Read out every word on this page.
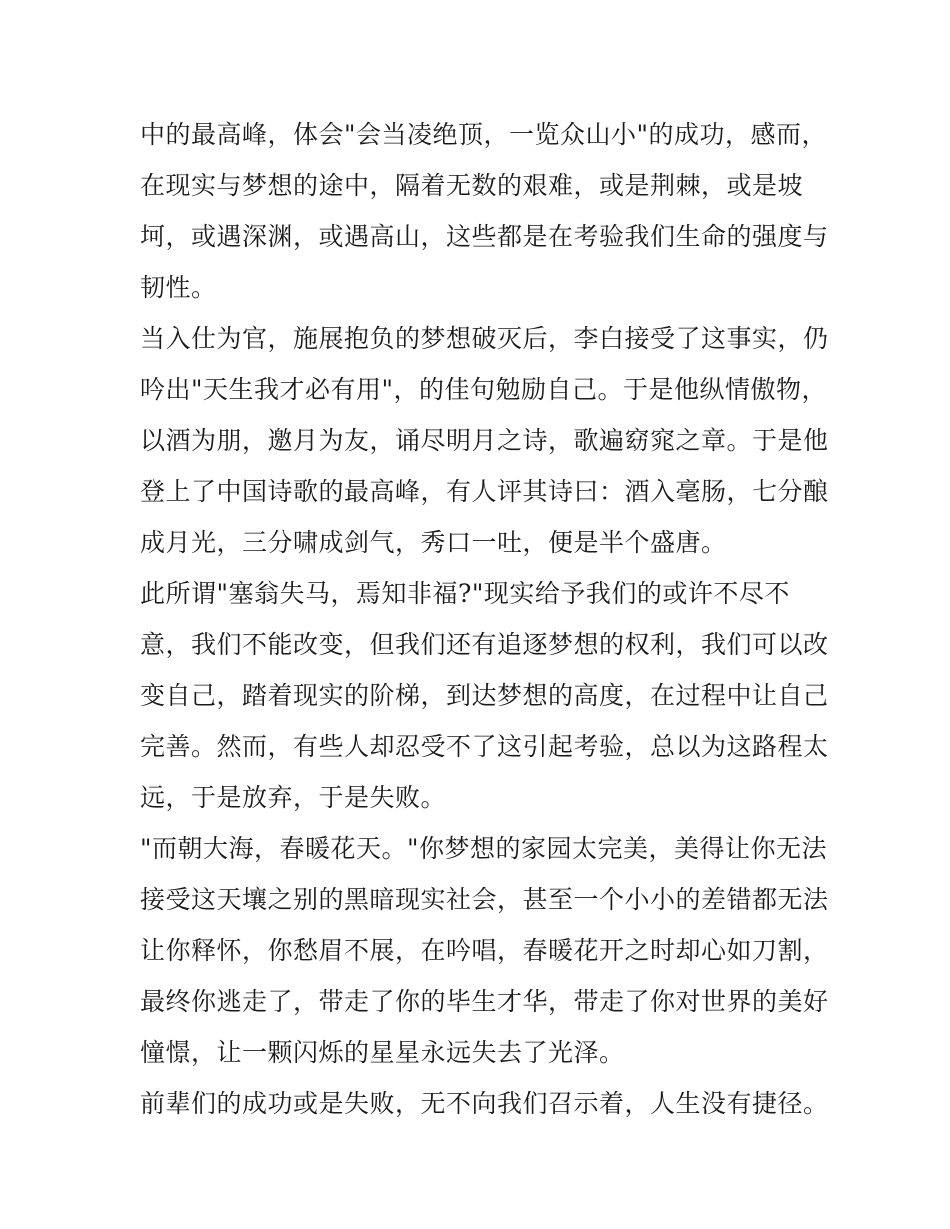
中的最高峰，体会"会当凌绝顶，一览众山小"的成功，感而，
在现实与梦想的途中，隔着无数的艰难，或是荆棘，或是坡
坷，或遇深渊，或遇高山，这些都是在考验我们生命的强度与
韧性。
当入仕为官，施展抱负的梦想破灭后，李白接受了这事实，仍
吟出"天生我才必有用"，的佳句勉励自己。于是他纵情傲物，
以酒为朋，邀月为友，诵尽明月之诗，歌遍窈窕之章。于是他
登上了中国诗歌的最高峰，有人评其诗曰：酒入毫肠，七分酿
成月光，三分啸成剑气，秀口一吐，便是半个盛唐。
此所谓"塞翁失马，焉知非福?"现实给予我们的或许不尽不
意，我们不能改变，但我们还有追逐梦想的权利，我们可以改
变自己，踏着现实的阶梯，到达梦想的高度，在过程中让自己
完善。然而，有些人却忍受不了这引起考验，总以为这路程太
远，于是放弃，于是失败。
"而朝大海，春暖花天。"你梦想的家园太完美，美得让你无法
接受这天壤之别的黑暗现实社会，甚至一个小小的差错都无法
让你释怀，你愁眉不展，在吟唱，春暖花开之时却心如刀割，
最终你逃走了，带走了你的毕生才华，带走了你对世界的美好
憧憬，让一颗闪烁的星星永远失去了光泽。
前辈们的成功或是失败，无不向我们召示着，人生没有捷径。
